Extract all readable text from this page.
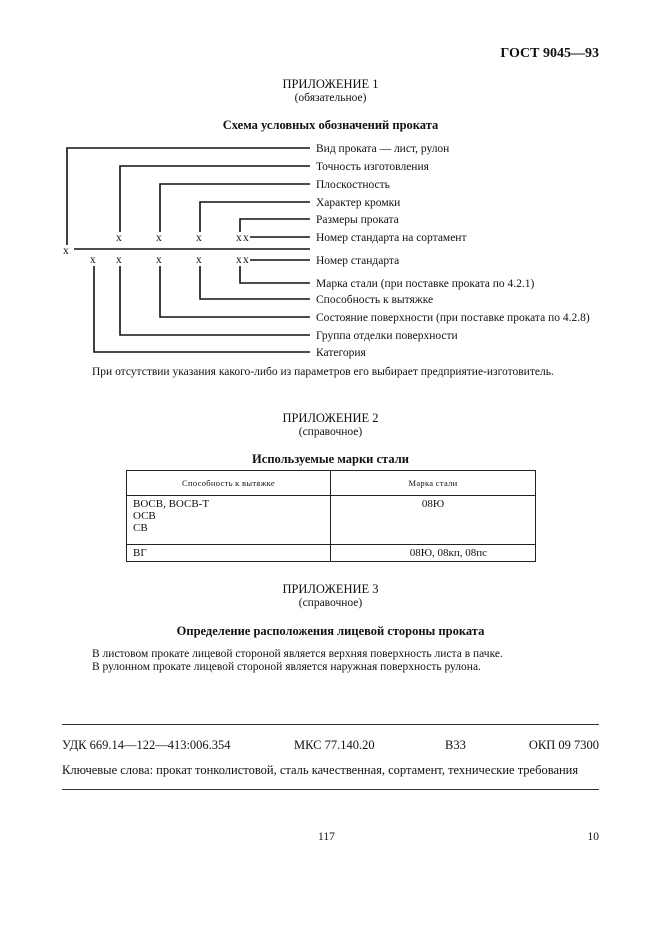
ГОСТ 9045—93
ПРИЛОЖЕНИЕ 1
(обязательное)
Схема условных обозначений проката
х
х	х	х	х х
х х	х	х	х х
Вид проката — лист, рулон
Точность изготовления
Плоскостность
Характер кромки
Размеры проката
Номер стандарта на сортамент
Номер стандарта
Марка стали (при поставке проката по 4.2.1)
Способность к вытяжке
Состояние поверхности (при поставке проката по 4.2.8)
Группа отделки поверхности
Категория
При отсутствии указания какого-либо из параметров его выбирает предприятие-изготовитель.
ПРИЛОЖЕНИЕ 2
(справочное)
Используемые марки стали
Способность к вытяжке	Марка стали

ВОСВ, ВОСВ-Т
ОСВ
СВ	08Ю

ВГ	08Ю, 08кп, 08пс
ПРИЛОЖЕНИЕ 3
(справочное)
Определение расположения лицевой стороны проката
В листовом прокате лицевой стороной является верхняя поверхность листа в пачке.
В рулонном прокате лицевой стороной является наружная поверхность рулона.
УДК 669.14—122—413:006.354	МКС 77.140.20	В33	ОКП 09 7300
Ключевые слова: прокат тонколистовой, сталь качественная, сортамент, технические требования
117	10
